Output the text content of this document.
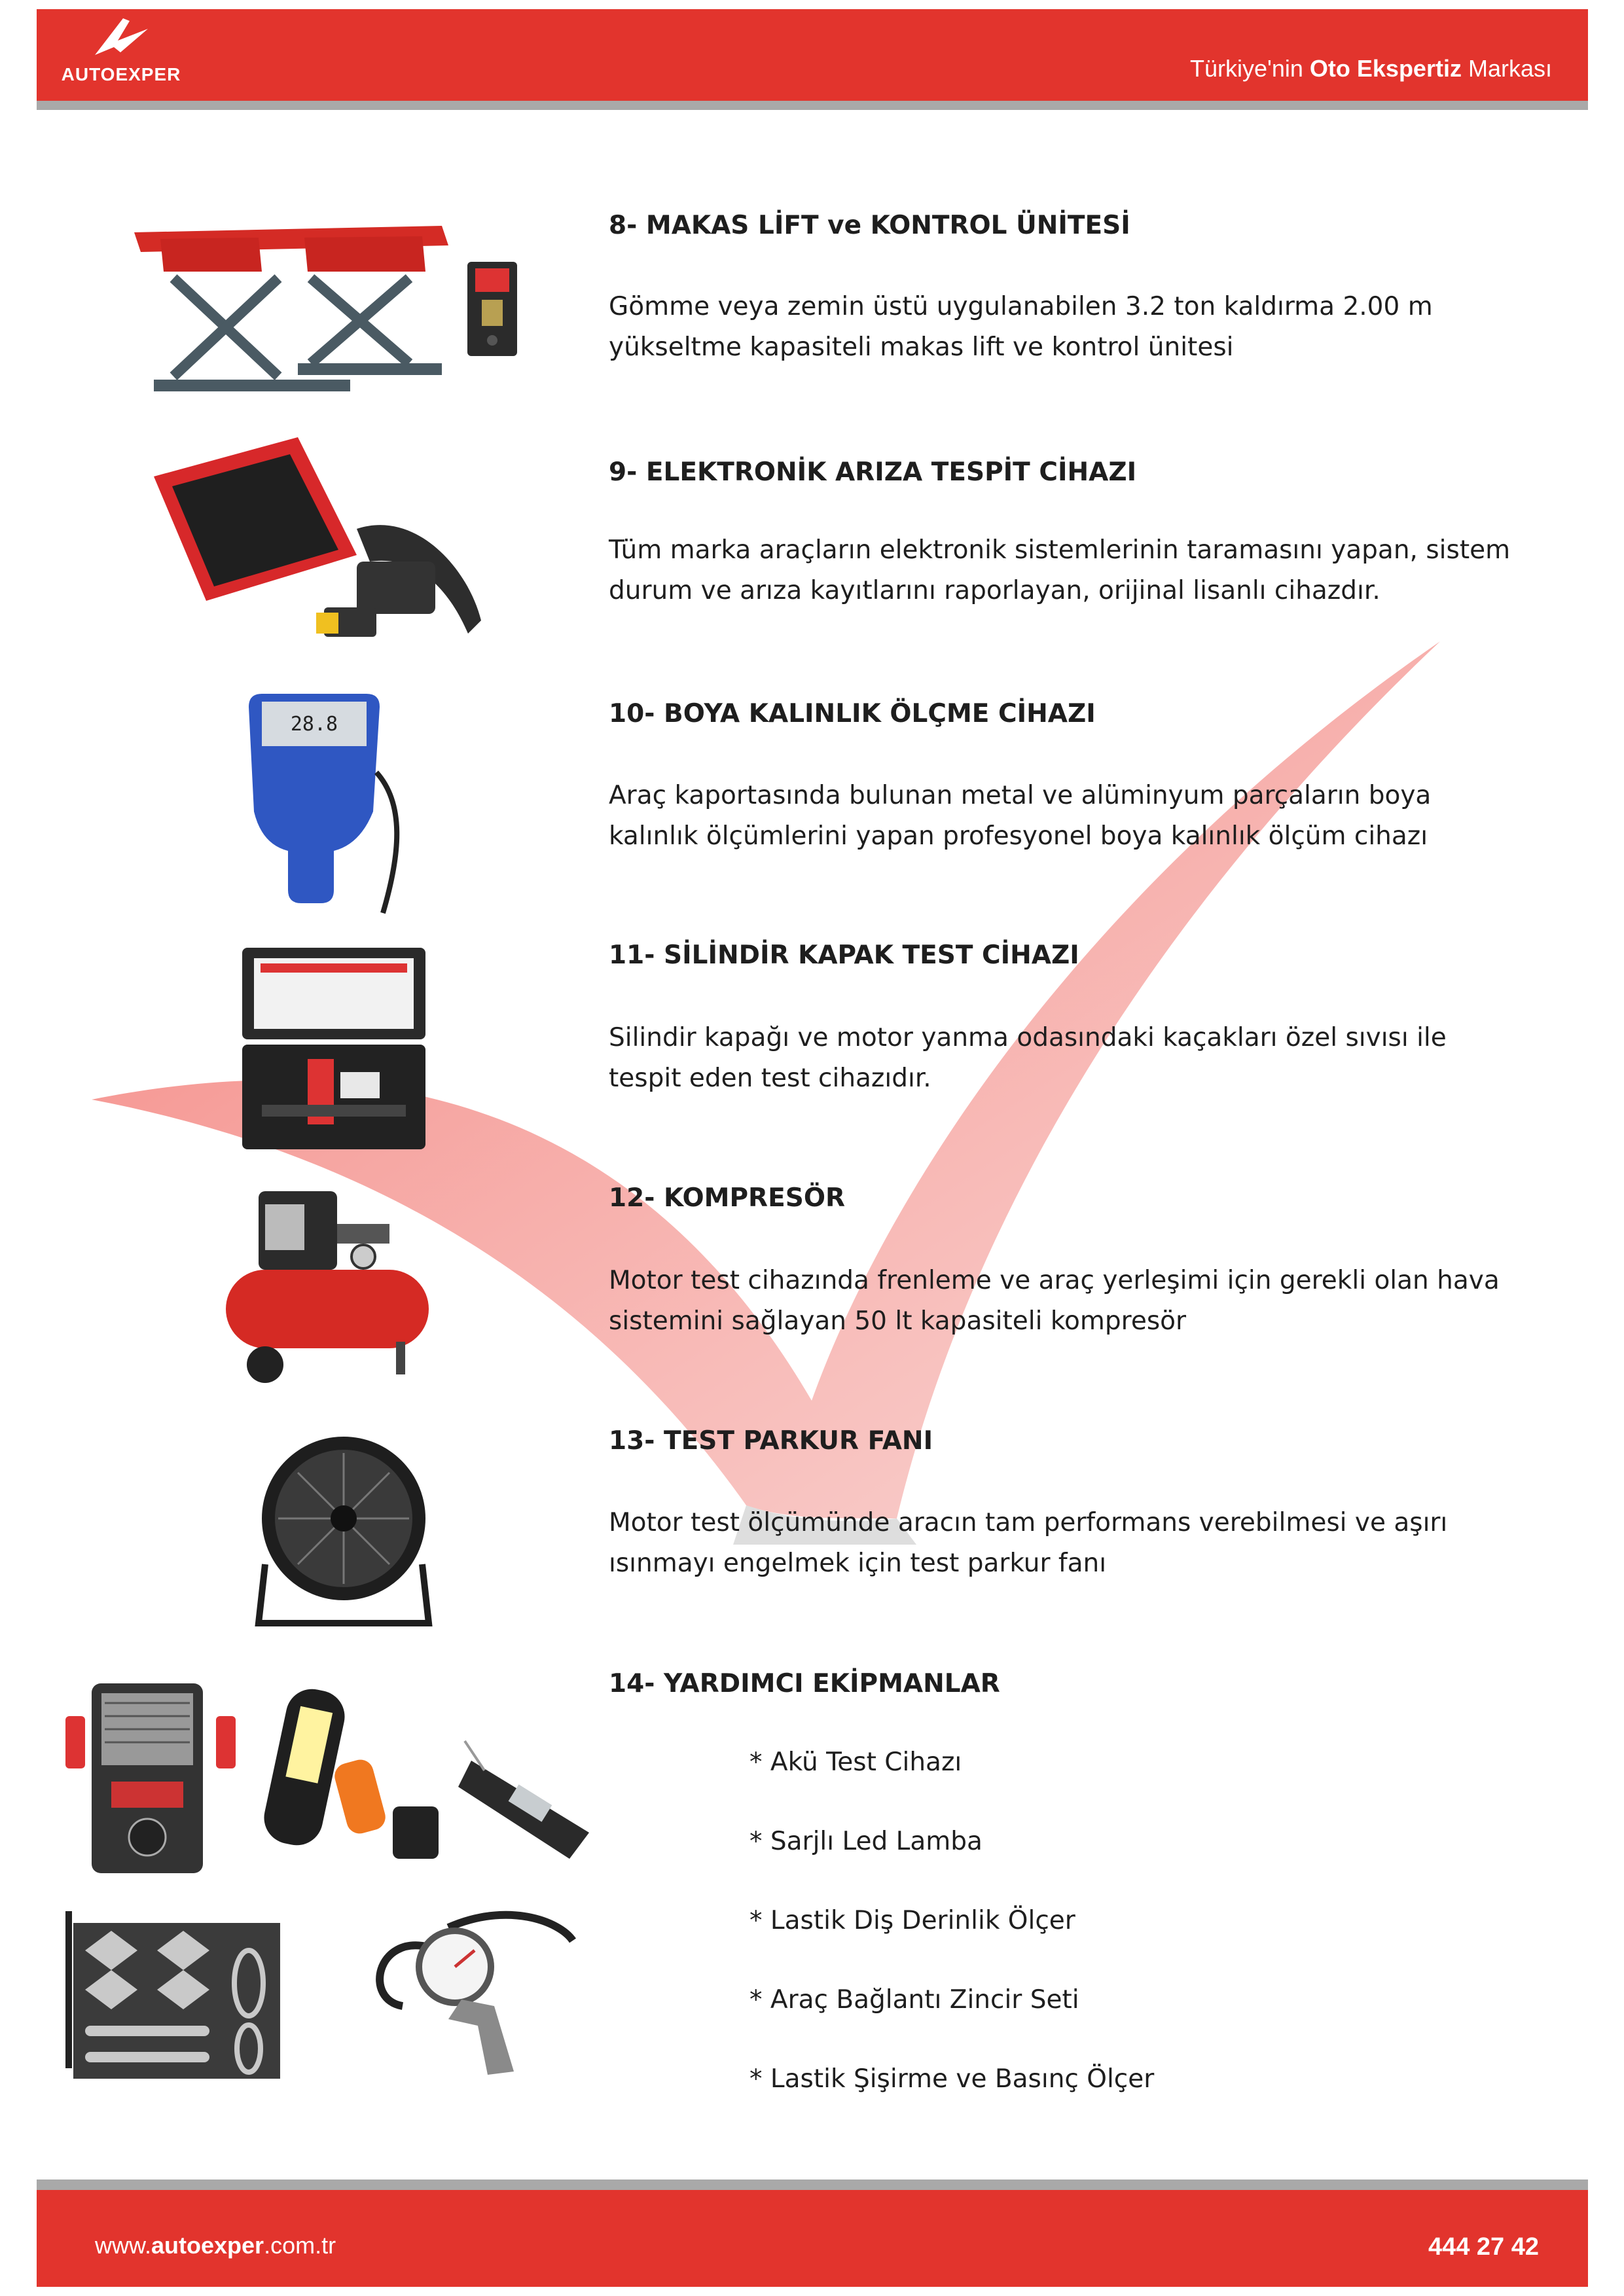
AUTOEXPER	Türkiye'nin Oto Ekspertiz Markası
8- MAKAS LİFT ve KONTROL ÜNİTESİ
Gömme veya zemin üstü uygulanabilen 3.2 ton kaldırma 2.00 m yükseltme kapasiteli makas lift ve kontrol ünitesi
9- ELEKTRONİK ARIZA TESPİT CİHAZI
Tüm marka araçların elektronik sistemlerinin taramasını yapan, sistem durum ve arıza kayıtlarını raporlayan, orijinal lisanlı cihazdır.
28.8	10- BOYA KALINLIK ÖLÇME CİHAZI
Araç kaportasında bulunan metal ve alüminyum parçaların boya kalınlık ölçümlerini yapan profesyonel boya kalınlık ölçüm cihazı
11- SİLİNDİR KAPAK TEST CİHAZI
Silindir kapağı ve motor yanma odasındaki kaçakları özel sıvısı ile tespit eden test cihazıdır.
12- KOMPRESÖR
Motor test cihazında frenleme ve araç yerleşimi için gerekli olan hava sistemini sağlayan 50 lt kapasiteli kompresör
13- TEST PARKUR FANI
Motor test ölçümünde aracın tam performans verebilmesi ve aşırı ısınmayı engelmek için test parkur fanı
14- YARDIMCI EKİPMANLAR
* Akü Test Cihazı
* Sarjlı Led Lamba
* Lastik Diş Derinlik Ölçer
* Araç Bağlantı Zincir Seti
* Lastik Şişirme ve Basınç Ölçer
www.autoexper.com.tr	444 27 42
